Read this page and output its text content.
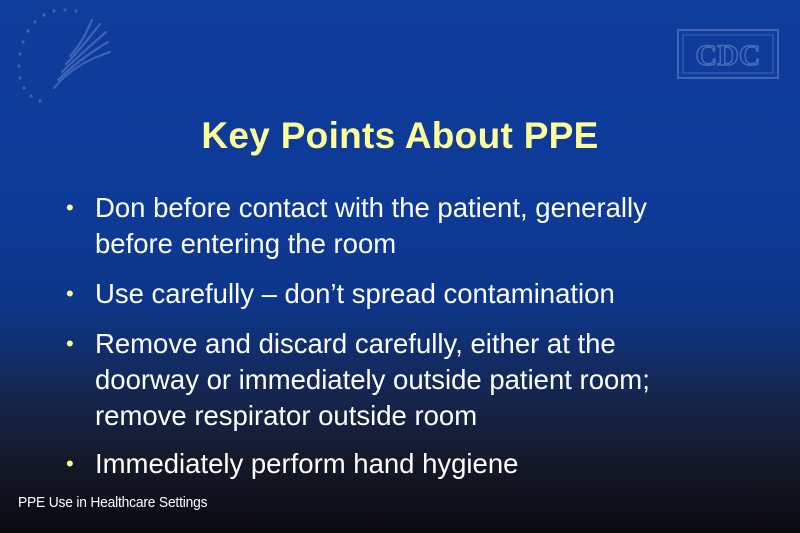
CDC
Key Points About PPE
• Don before contact with the patient, generally
before entering the room
• Use carefully – don’t spread contamination
• Remove and discard carefully, either at the
doorway or immediately outside patient room;
remove respirator outside room
• Immediately perform hand hygiene
PPE Use in Healthcare Settings
